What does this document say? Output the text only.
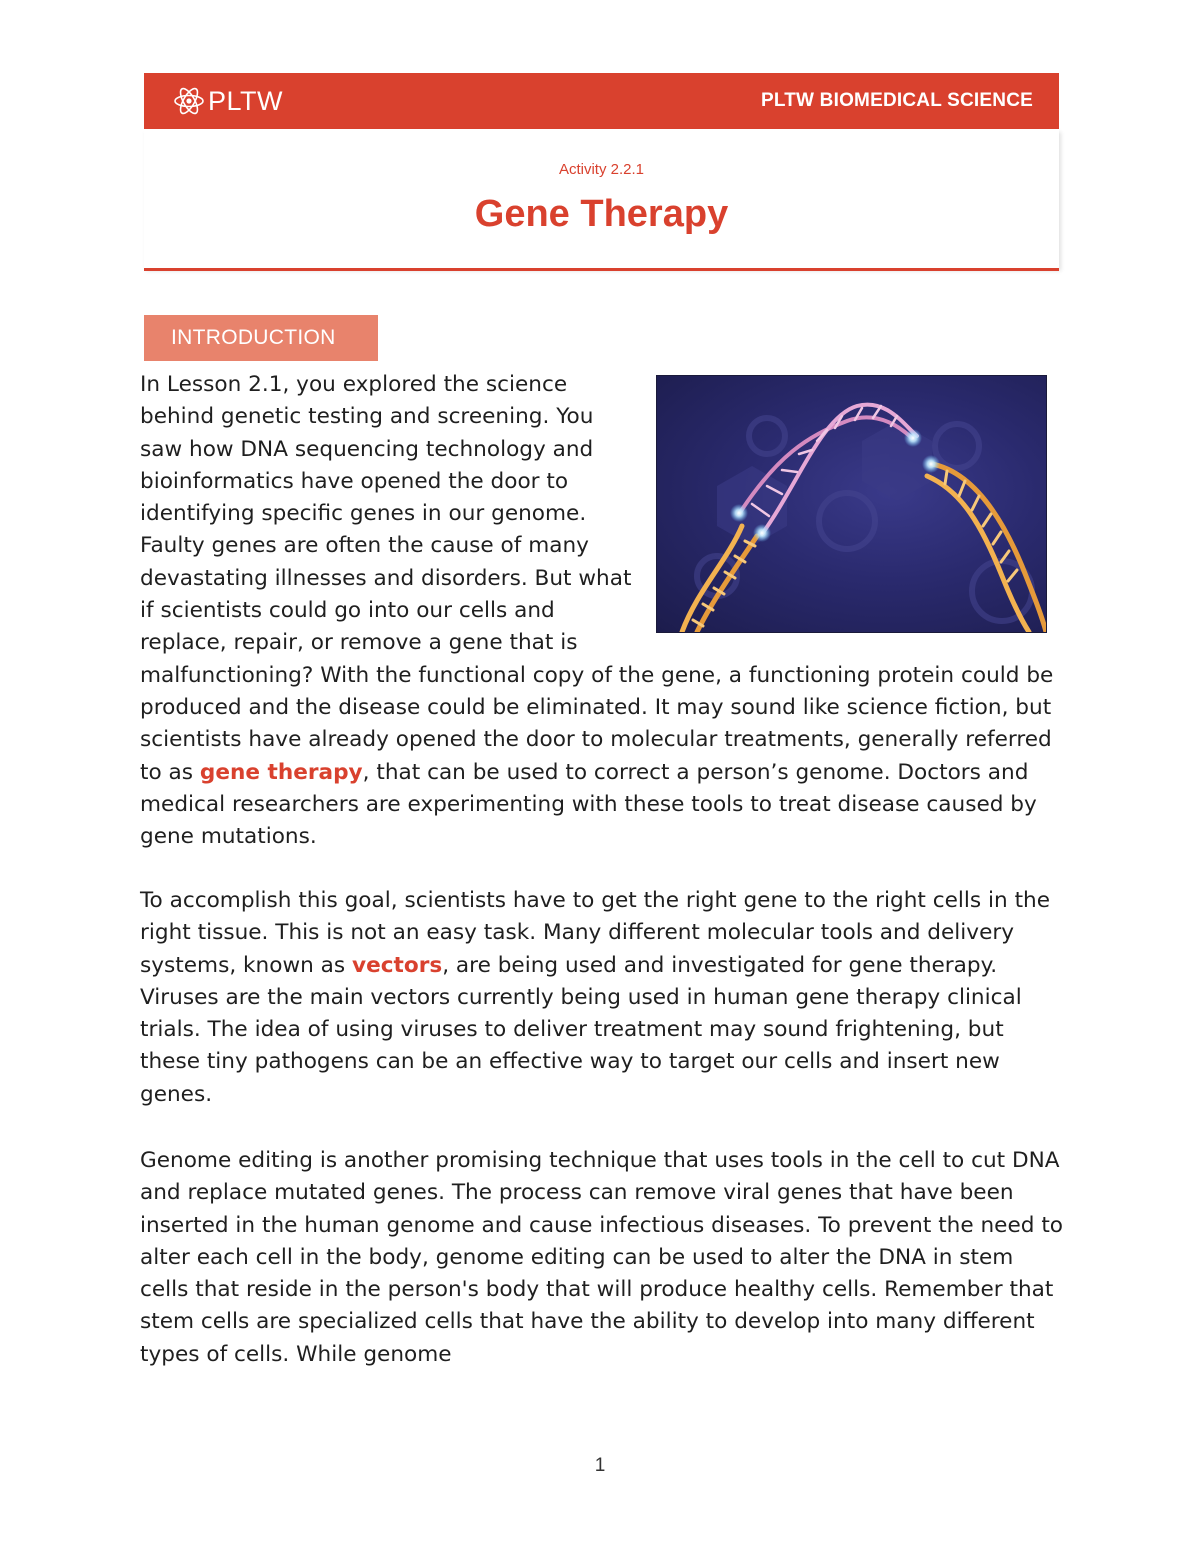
PLTW	PLTW BIOMEDICAL SCIENCE
Activity 2.2.1
Gene Therapy
INTRODUCTION

In Lesson 2.1, you explored the science behind genetic testing and screening. You saw how DNA sequencing technology and bioinformatics have opened the door to identifying specific genes in our genome. Faulty genes are often the cause of many devastating illnesses and disorders. But what if scientists could go into our cells and replace, repair, or remove a gene that is malfunctioning? With the functional copy of the gene, a functioning protein could be produced and the disease could be eliminated. It may sound like science fiction, but scientists have already opened the door to molecular treatments, generally referred to as gene therapy, that can be used to correct a person’s genome. Doctors and medical researchers are experimenting with these tools to treat disease caused by gene mutations.

To accomplish this goal, scientists have to get the right gene to the right cells in the right tissue. This is not an easy task. Many different molecular tools and delivery systems, known as vectors, are being used and investigated for gene therapy. Viruses are the main vectors currently being used in human gene therapy clinical trials. The idea of using viruses to deliver treatment may sound frightening, but these tiny pathogens can be an effective way to target our cells and insert new genes.

Genome editing is another promising technique that uses tools in the cell to cut DNA and replace mutated genes. The process can remove viral genes that have been inserted in the human genome and cause infectious diseases. To prevent the need to alter each cell in the body, genome editing can be used to alter the DNA in stem cells that reside in the person's body that will produce healthy cells. Remember that stem cells are specialized cells that have the ability to develop into many different types of cells. While genome

1
